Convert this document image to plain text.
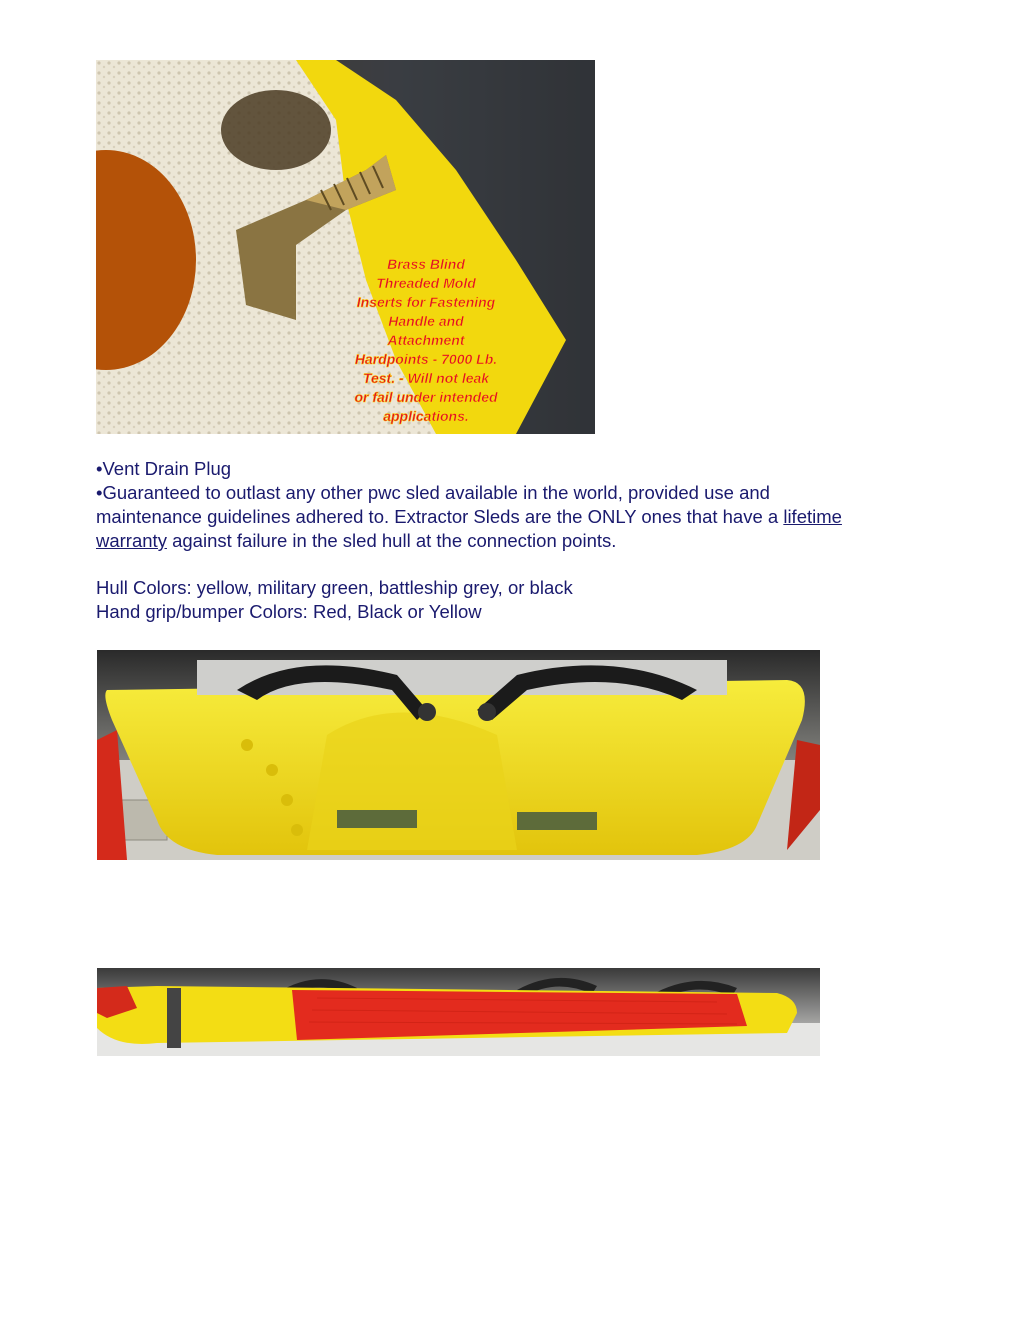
Brass Blind
Threaded Mold
Inserts for Fastening
Handle and
Attachment
Hardpoints - 7000 Lb.
Test. - Will not leak
or fail under intended
applications.
•Vent Drain Plug
•Guaranteed to outlast any other pwc sled available in the world, provided use and
maintenance guidelines adhered to. Extractor Sleds are the ONLY ones that have a lifetime
warranty against failure in the sled hull at the connection points.
Hull Colors: yellow, military green, battleship grey, or black
Hand grip/bumper Colors: Red, Black or Yellow
